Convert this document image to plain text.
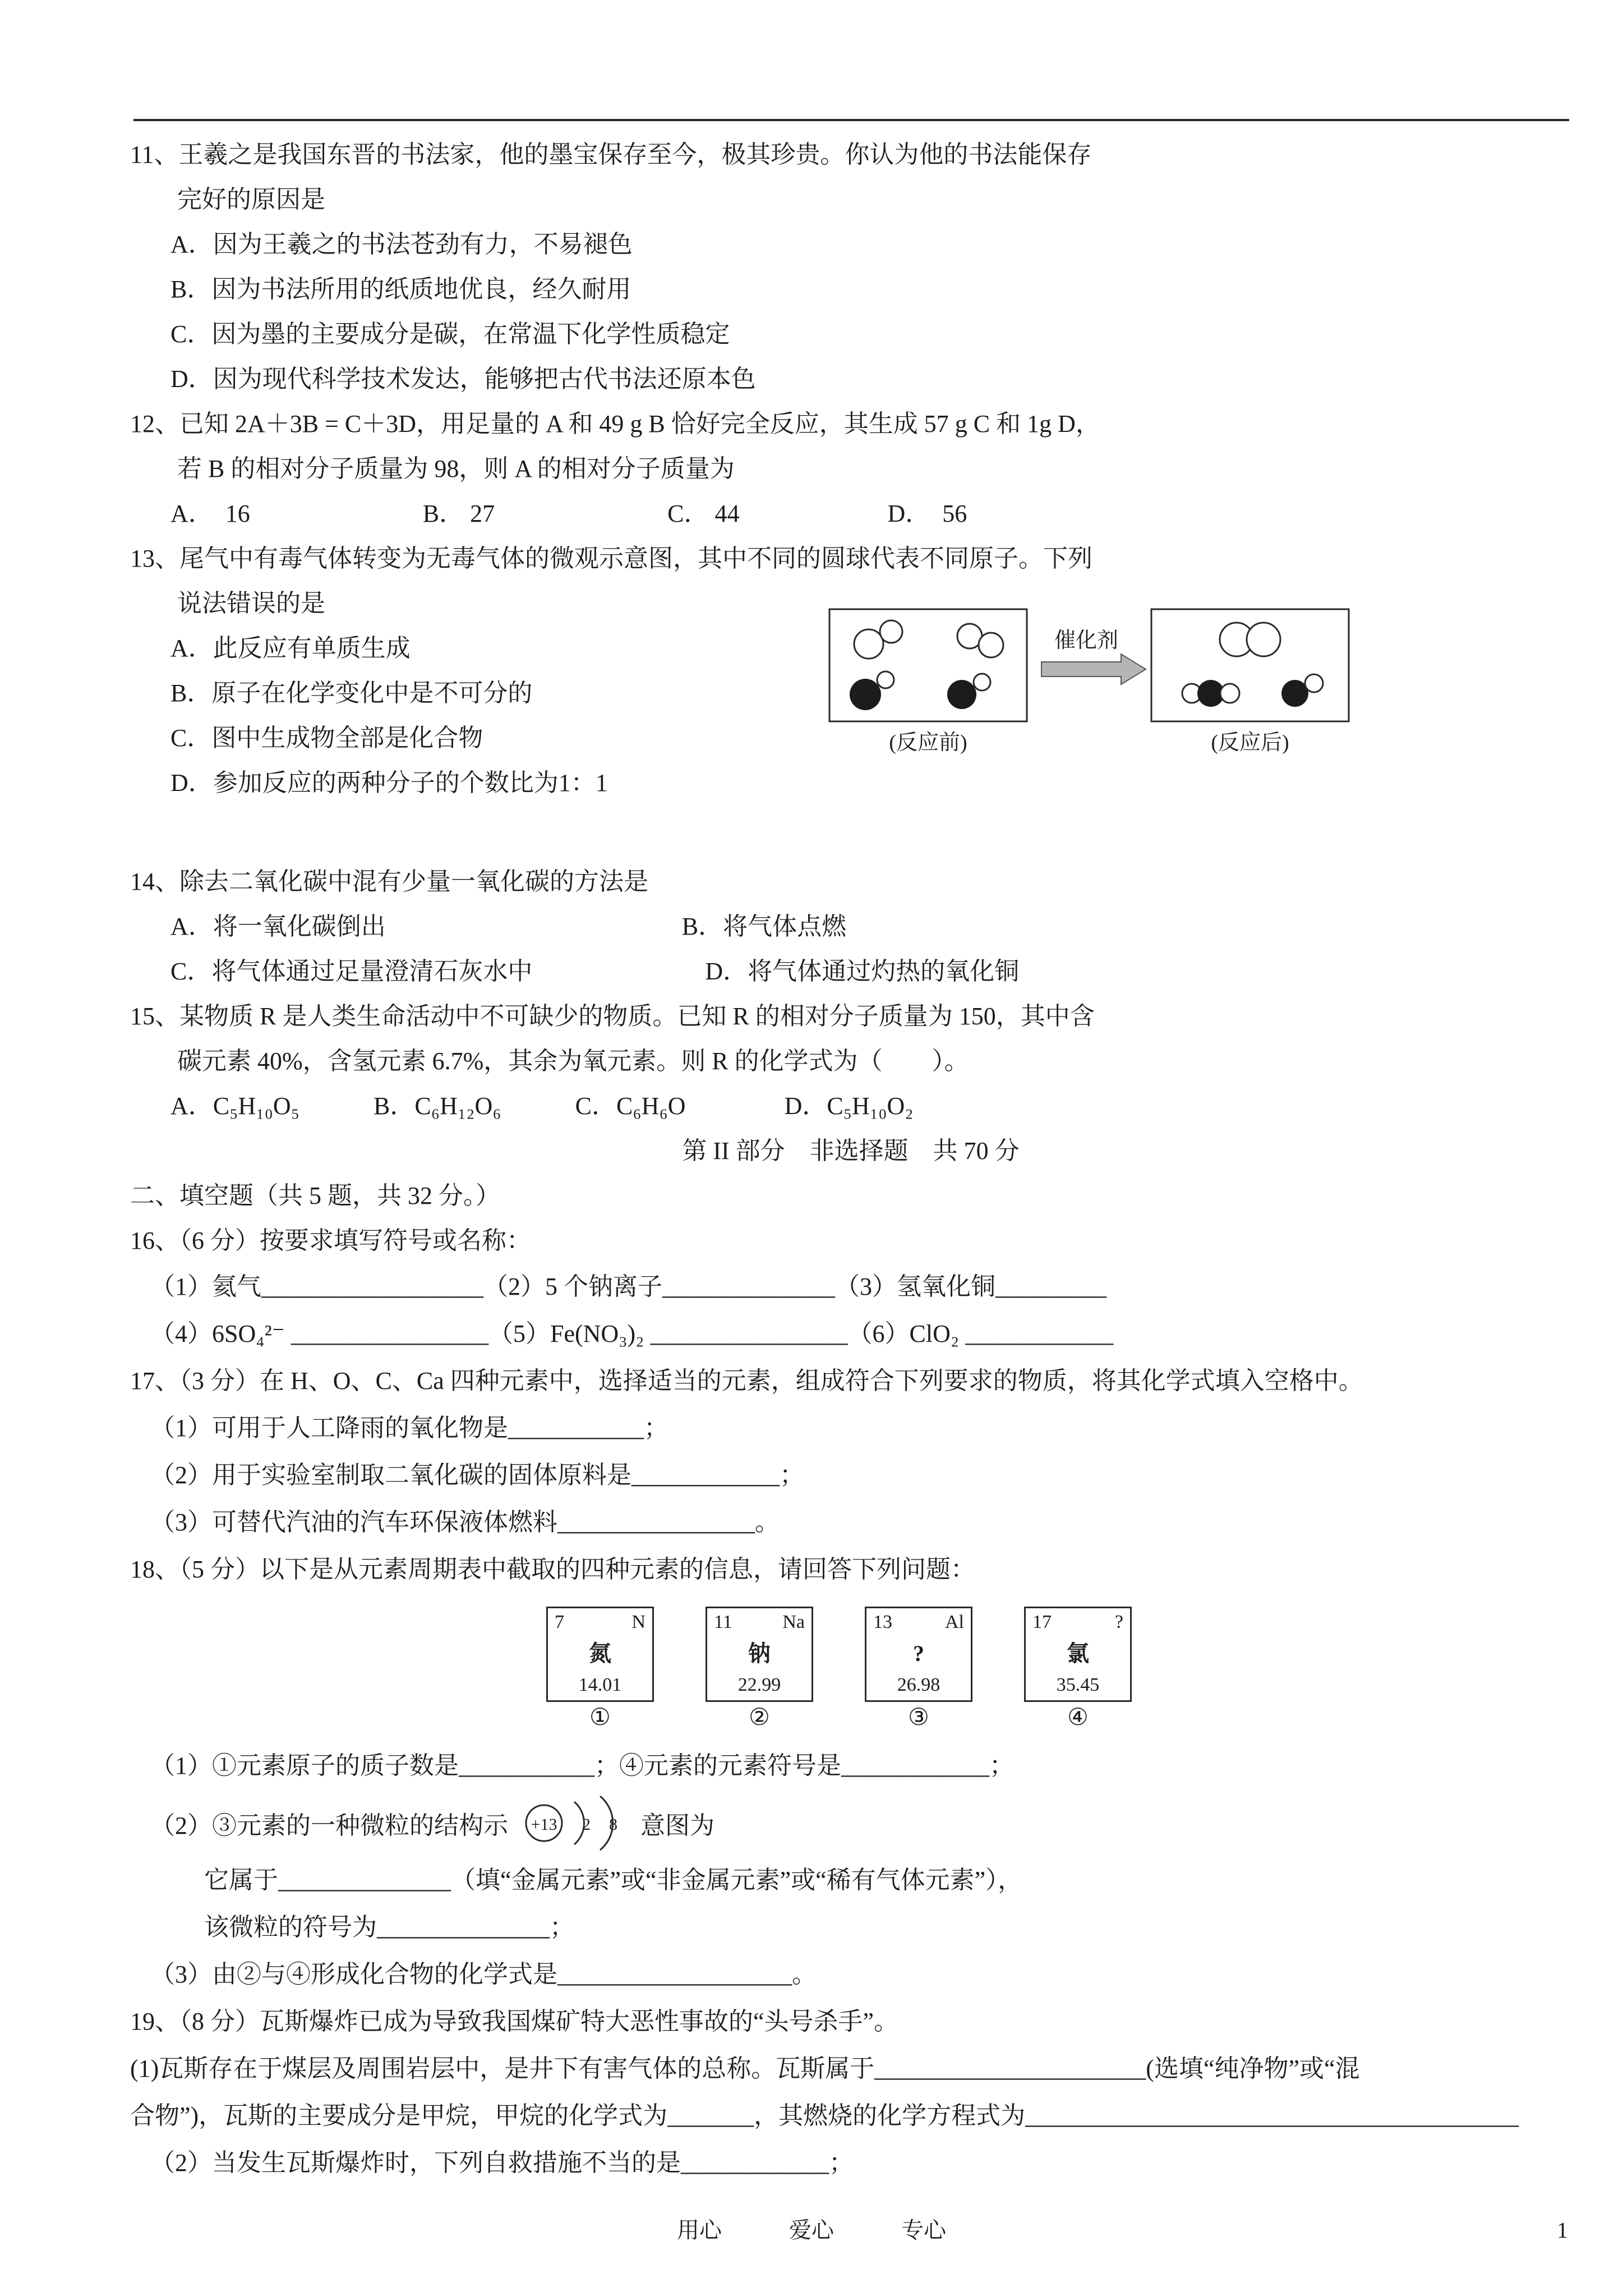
11、王羲之是我国东晋的书法家，他的墨宝保存至今，极其珍贵。你认为他的书法能保存
完好的原因是
A．因为王羲之的书法苍劲有力，不易褪色
B．因为书法所用的纸质地优良，经久耐用
C．因为墨的主要成分是碳，在常温下化学性质稳定
D．因为现代科学技术发达，能够把古代书法还原本色
12、已知 2A＋3B = C＋3D，用足量的 A 和 49 g B 恰好完全反应，其生成 57 g C 和 1g D，
若 B 的相对分子质量为 98，则 A 的相对分子质量为
A．  16　　　　　　　B． 27　　　　　　　C． 44　　　　　　D．  56
13、尾气中有毒气体转变为无毒气体的微观示意图，其中不同的圆球代表不同原子。下列
说法错误的是
A．此反应有单质生成
B．原子在化学变化中是不可分的
C．图中生成物全部是化合物
D．参加反应的两种分子的个数比为1：1
催化剂
(反应前)	(反应后)
14、除去二氧化碳中混有少量一氧化碳的方法是
A．将一氧化碳倒出　　　　　　　　　　　　B．将气体点燃
C．将气体通过足量澄清石灰水中　　　　　　　D．将气体通过灼热的氧化铜
15、某物质 R 是人类生命活动中不可缺少的物质。已知 R 的相对分子质量为 150，其中含
碳元素 40%，含氢元素 6.7%，其余为氧元素。则 R 的化学式为（        ）。
A．C₅H₁₀O₅　　　B．C₆H₁₂O₆　　　C．C₆H₆O　　　　D．C₅H₁₀O₂
第 II 部分　非选择题　共 70 分
二、填空题（共 5 题，共 32 分。）
16、（6 分）按要求填写符号或名称：
（1）氦气__________________（2）5 个钠离子______________（3）氢氧化铜_________
（4）6SO₄²⁻ ________________（5）Fe(NO₃)₂ ________________（6）ClO₂ ____________
17、（3 分）在 H、O、C、Ca 四种元素中，选择适当的元素，组成符合下列要求的物质，将其化学式填入空格中。
（1）可用于人工降雨的氧化物是___________；
（2）用于实验室制取二氧化碳的固体原料是____________；
（3）可替代汽油的汽车环保液体燃料________________。
18、（5 分）以下是从元素周期表中截取的四种元素的信息，请回答下列问题：
7	N
氮
14.01
①
11	Na
钠
22.99
②
13	Al
?
26.98
③
17	?
氯
35.45
④
（1）①元素原子的质子数是___________；④元素的元素符号是____________；
（2）③元素的一种微粒的结构示 +13 2 8 意图为
它属于______________（填“金属元素”或“非金属元素”或“稀有气体元素”），
该微粒的符号为______________；
（3）由②与④形成化合物的化学式是___________________。
19、（8 分）瓦斯爆炸已成为导致我国煤矿特大恶性事故的“头号杀手”。
(1)瓦斯存在于煤层及周围岩层中，是井下有害气体的总称。瓦斯属于______________________(选填“纯净物”或“混
合物”)，瓦斯的主要成分是甲烷，甲烷的化学式为_______，其燃烧的化学方程式为________________________________________
（2）当发生瓦斯爆炸时，下列自救措施不当的是____________；
用心　　　爱心　　　专心	1
